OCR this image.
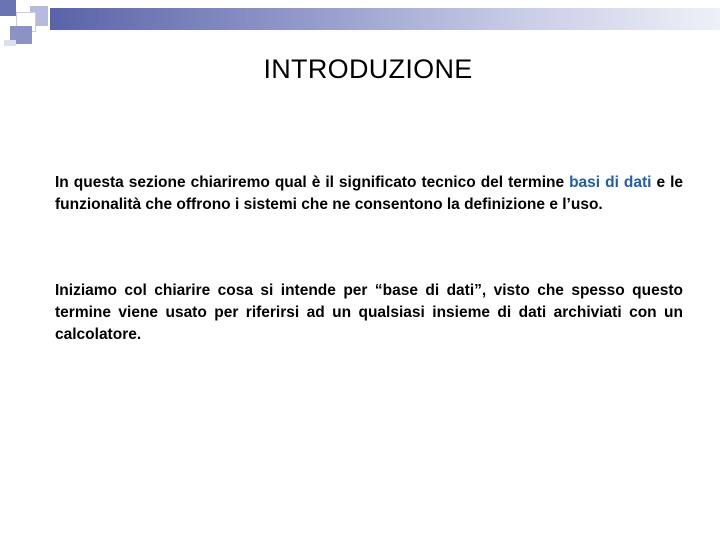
INTRODUZIONE

In questa sezione chiariremo qual è il significato tecnico del termine basi di dati e le funzionalità che offrono i sistemi che ne consentono la definizione e l’uso.

Iniziamo col chiarire cosa si intende per “base di dati”, visto che spesso questo termine viene usato per riferirsi ad un qualsiasi insieme di dati archiviati con un calcolatore.
